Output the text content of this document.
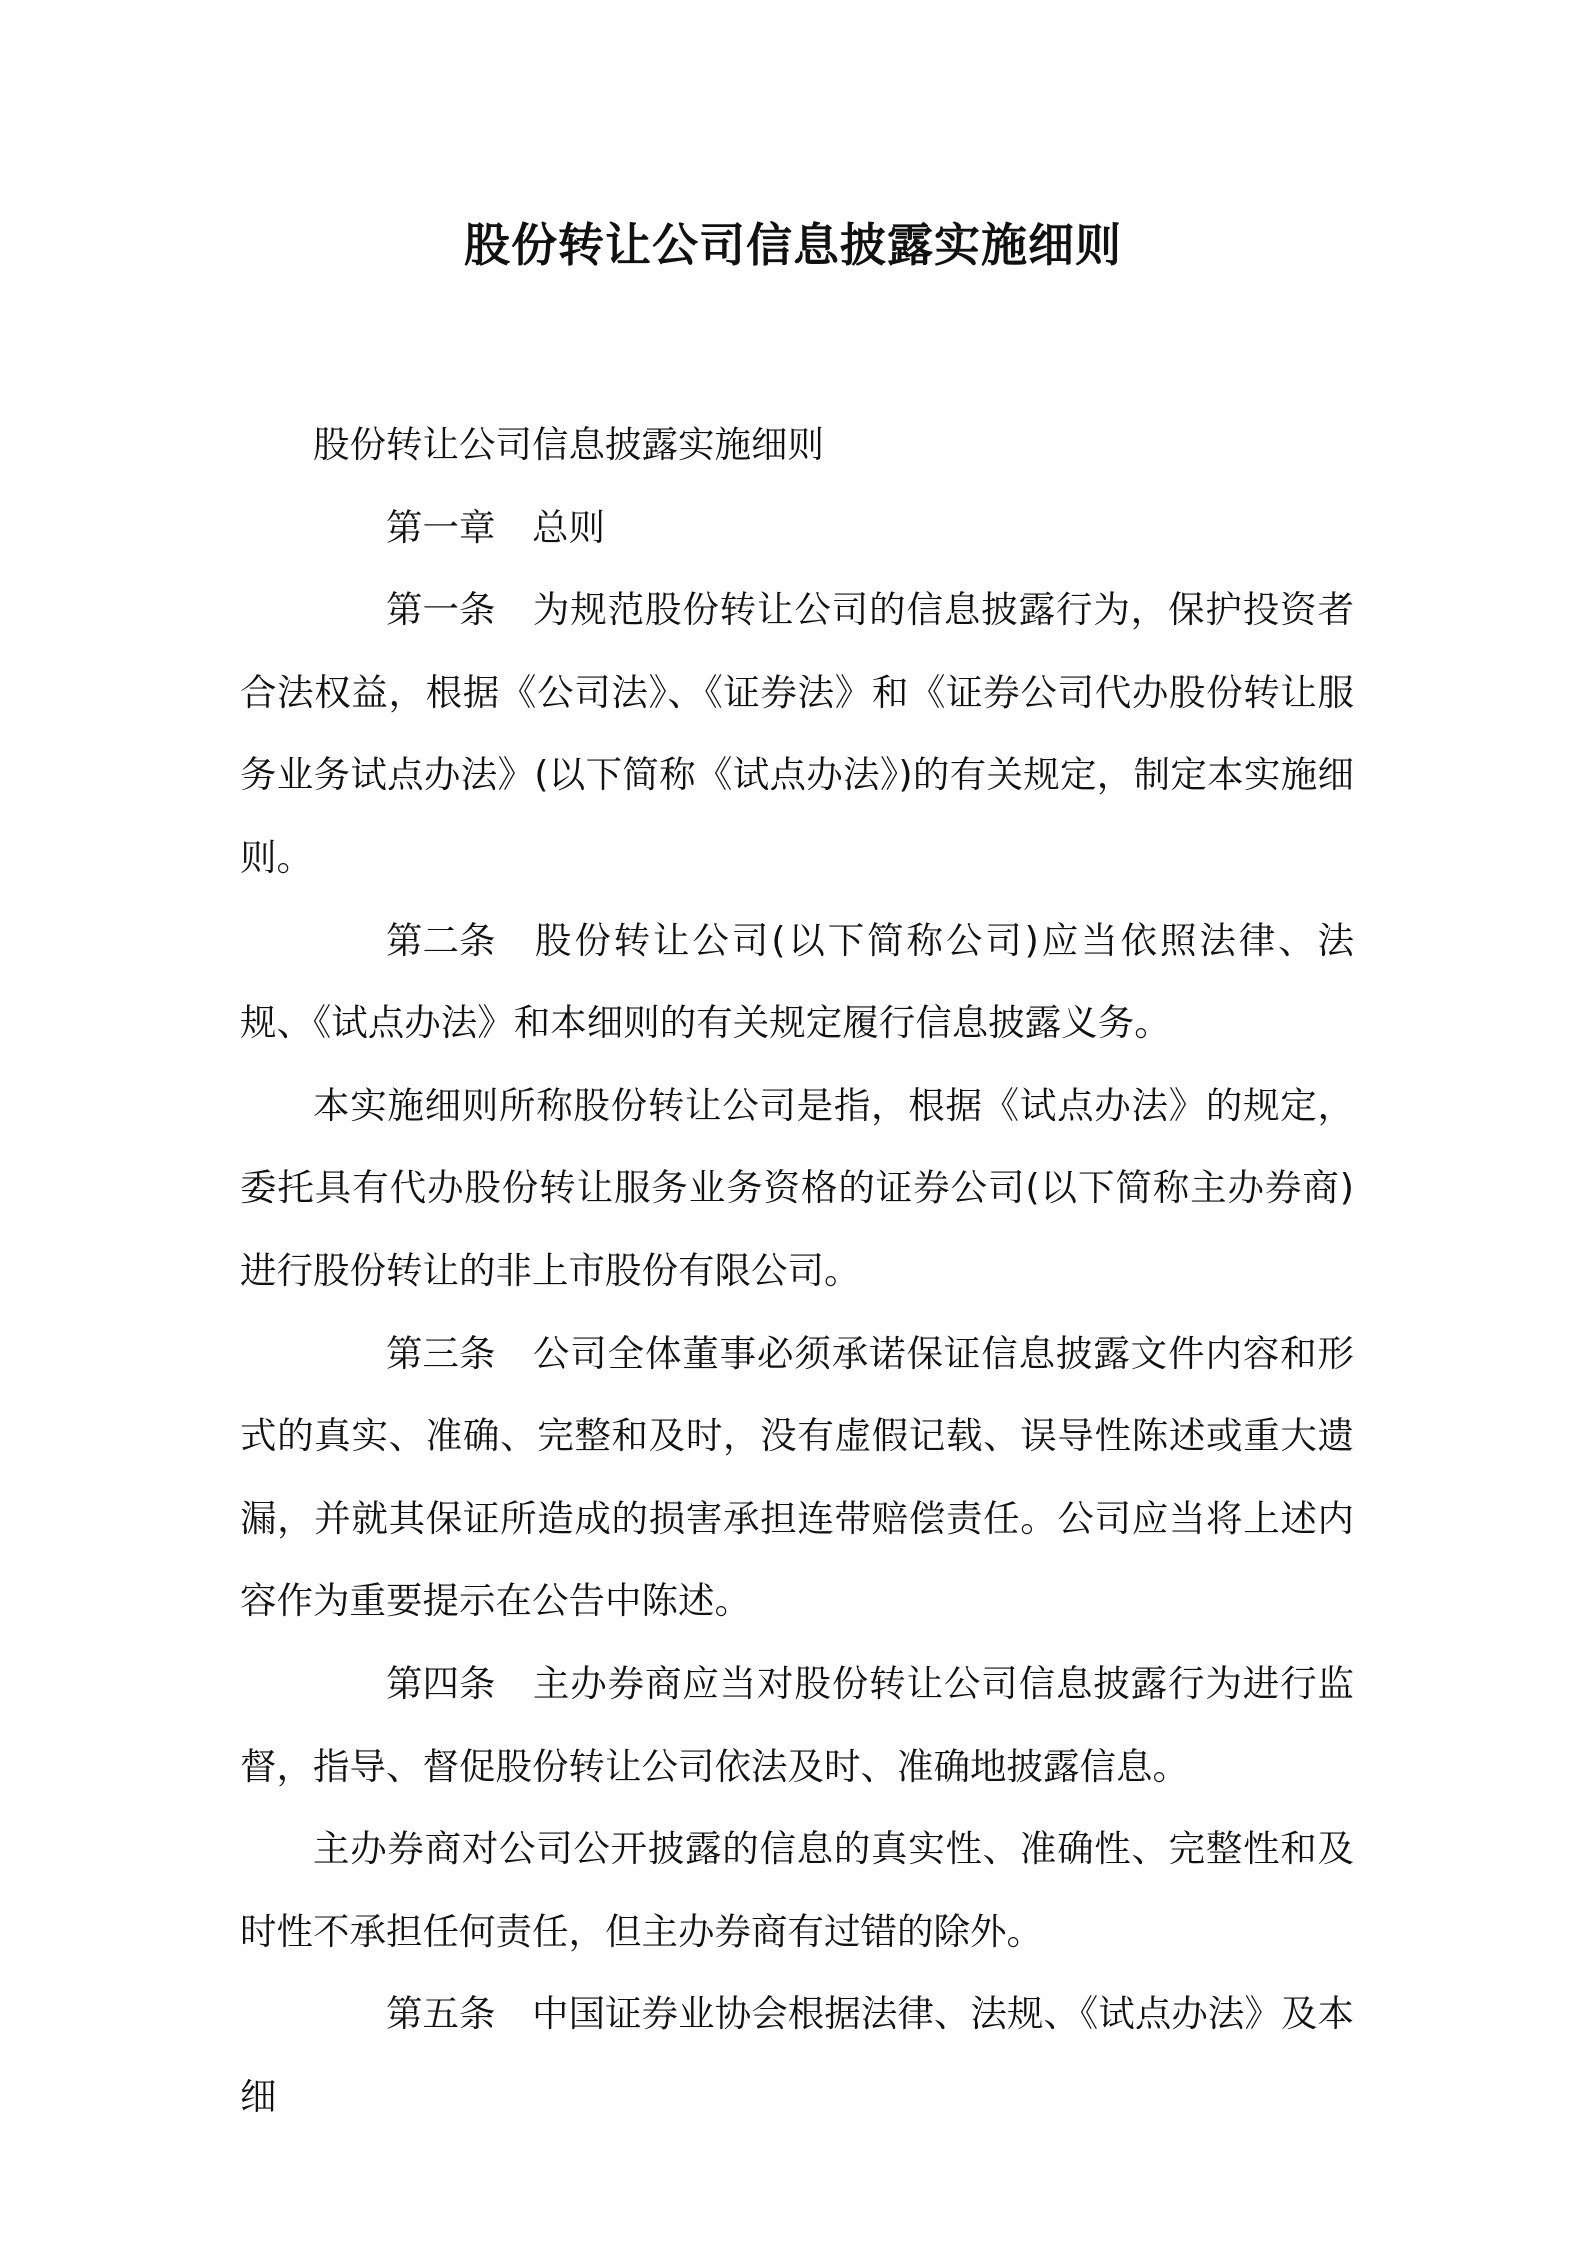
股份转让公司信息披露实施细则

股份转让公司信息披露实施细则

第一章 总则

第一条 为规范股份转让公司的信息披露行为，保护投资者合法权益，根据《公司法》、《证券法》和《证券公司代办股份转让服务业务试点办法》(以下简称《试点办法》)的有关规定，制定本实施细则。

第二条 股份转让公司(以下简称公司)应当依照法律、法规、《试点办法》和本细则的有关规定履行信息披露义务。

本实施细则所称股份转让公司是指，根据《试点办法》的规定，委托具有代办股份转让服务业务资格的证券公司(以下简称主办券商)进行股份转让的非上市股份有限公司。

第三条 公司全体董事必须承诺保证信息披露文件内容和形式的真实、准确、完整和及时，没有虚假记载、误导性陈述或重大遗漏，并就其保证所造成的损害承担连带赔偿责任。公司应当将上述内容作为重要提示在公告中陈述。

第四条 主办券商应当对股份转让公司信息披露行为进行监督，指导、督促股份转让公司依法及时、准确地披露信息。

主办券商对公司公开披露的信息的真实性、准确性、完整性和及时性不承担任何责任，但主办券商有过错的除外。

第五条 中国证券业协会根据法律、法规、《试点办法》及本细
